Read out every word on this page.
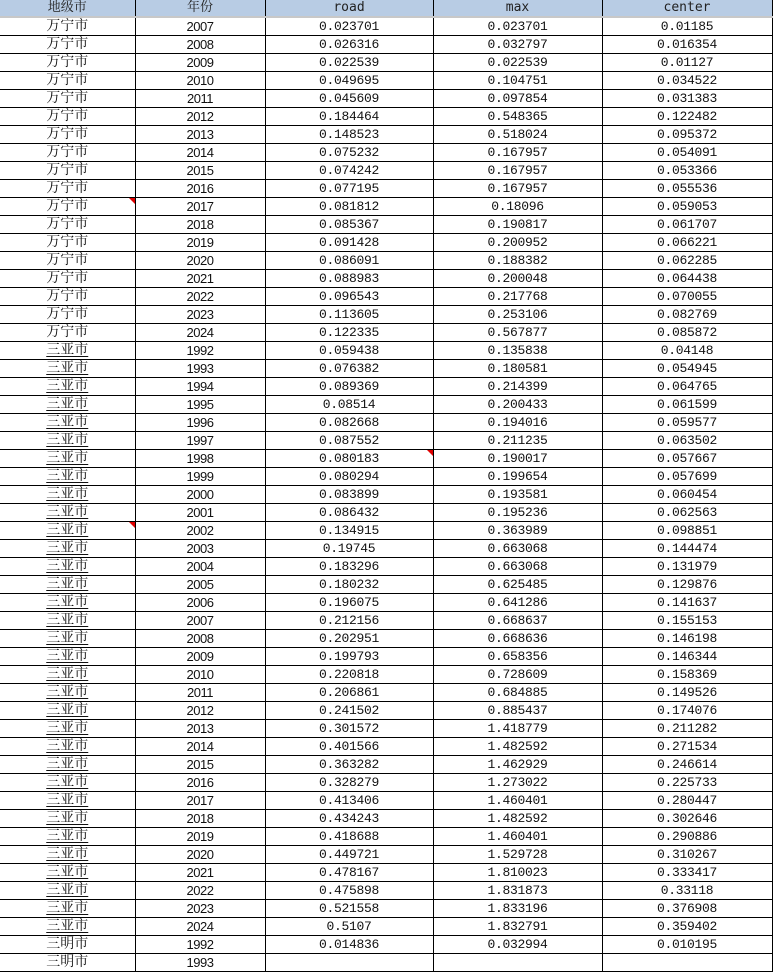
地级市	年份	road	max	center
万宁市	2007	0.023701	0.023701	0.01185
万宁市	2008	0.026316	0.032797	0.016354
万宁市	2009	0.022539	0.022539	0.01127
万宁市	2010	0.049695	0.104751	0.034522
万宁市	2011	0.045609	0.097854	0.031383
万宁市	2012	0.184464	0.548365	0.122482
万宁市	2013	0.148523	0.518024	0.095372
万宁市	2014	0.075232	0.167957	0.054091
万宁市	2015	0.074242	0.167957	0.053366
万宁市	2016	0.077195	0.167957	0.055536
万宁市	2017	0.081812	0.18096	0.059053
万宁市	2018	0.085367	0.190817	0.061707
万宁市	2019	0.091428	0.200952	0.066221
万宁市	2020	0.086091	0.188382	0.062285
万宁市	2021	0.088983	0.200048	0.064438
万宁市	2022	0.096543	0.217768	0.070055
万宁市	2023	0.113605	0.253106	0.082769
万宁市	2024	0.122335	0.567877	0.085872
三亚市	1992	0.059438	0.135838	0.04148
三亚市	1993	0.076382	0.180581	0.054945
三亚市	1994	0.089369	0.214399	0.064765
三亚市	1995	0.08514	0.200433	0.061599
三亚市	1996	0.082668	0.194016	0.059577
三亚市	1997	0.087552	0.211235	0.063502
三亚市	1998	0.080183	0.190017	0.057667
三亚市	1999	0.080294	0.199654	0.057699
三亚市	2000	0.083899	0.193581	0.060454
三亚市	2001	0.086432	0.195236	0.062563
三亚市	2002	0.134915	0.363989	0.098851
三亚市	2003	0.19745	0.663068	0.144474
三亚市	2004	0.183296	0.663068	0.131979
三亚市	2005	0.180232	0.625485	0.129876
三亚市	2006	0.196075	0.641286	0.141637
三亚市	2007	0.212156	0.668637	0.155153
三亚市	2008	0.202951	0.668636	0.146198
三亚市	2009	0.199793	0.658356	0.146344
三亚市	2010	0.220818	0.728609	0.158369
三亚市	2011	0.206861	0.684885	0.149526
三亚市	2012	0.241502	0.885437	0.174076
三亚市	2013	0.301572	1.418779	0.211282
三亚市	2014	0.401566	1.482592	0.271534
三亚市	2015	0.363282	1.462929	0.246614
三亚市	2016	0.328279	1.273022	0.225733
三亚市	2017	0.413406	1.460401	0.280447
三亚市	2018	0.434243	1.482592	0.302646
三亚市	2019	0.418688	1.460401	0.290886
三亚市	2020	0.449721	1.529728	0.310267
三亚市	2021	0.478167	1.810023	0.333417
三亚市	2022	0.475898	1.831873	0.33118
三亚市	2023	0.521558	1.833196	0.376908
三亚市	2024	0.5107	1.832791	0.359402
三明市	1992	0.014836	0.032994	0.010195
三明市	1993			
